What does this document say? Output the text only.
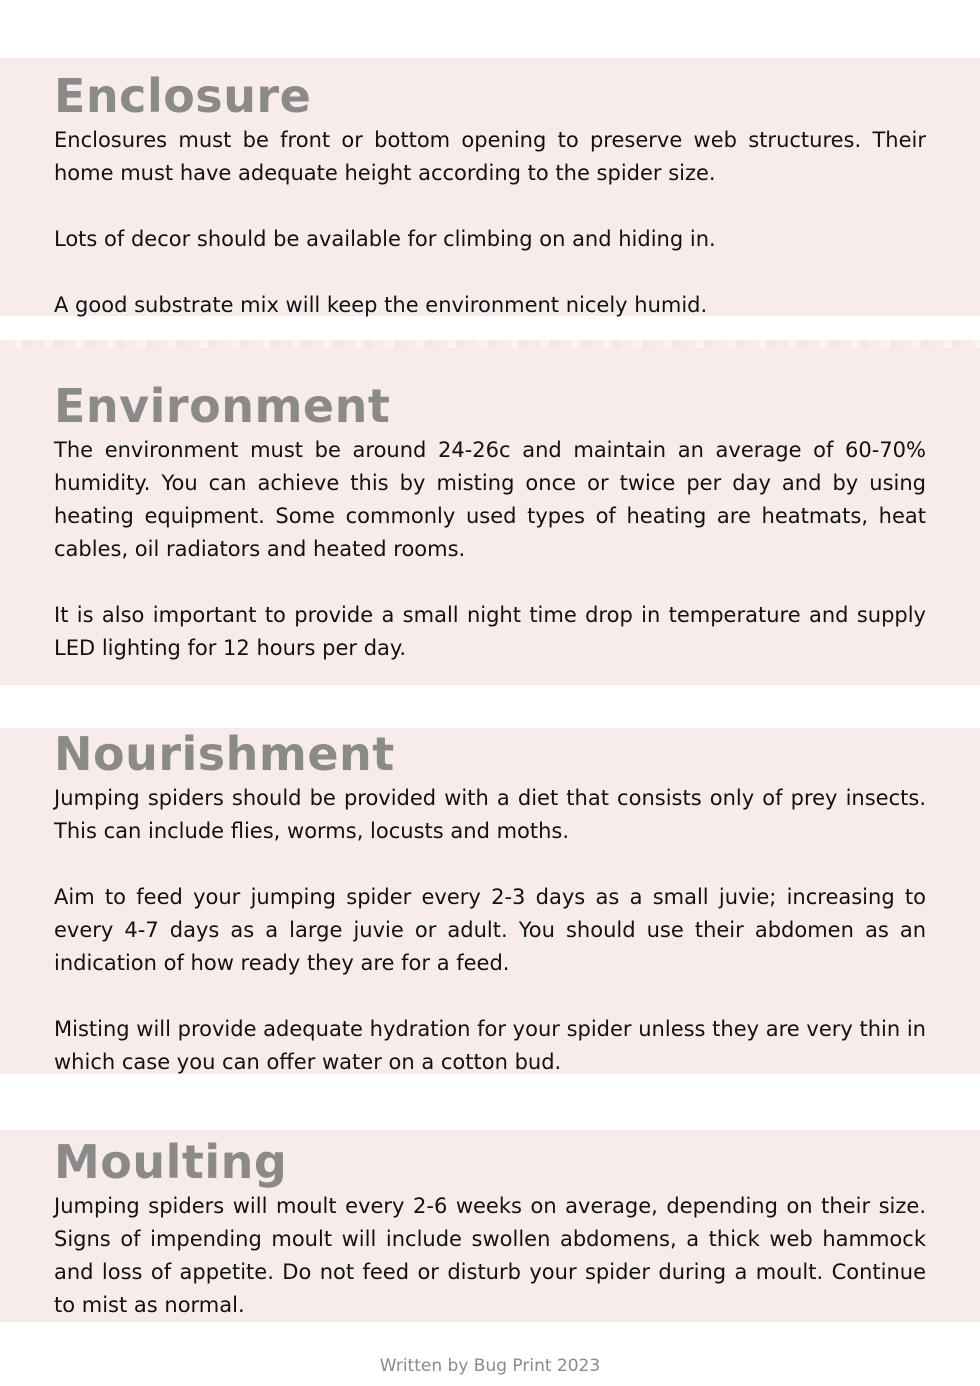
Enclosure

Enclosures must be front or bottom opening to preserve web structures. Their home must have adequate height according to the spider size.

Lots of decor should be available for climbing on and hiding in.

A good substrate mix will keep the environment nicely humid.

Environment

The environment must be around 24-26c and maintain an average of 60-70% humidity. You can achieve this by misting once or twice per day and by using heating equipment. Some commonly used types of heating are heatmats, heat cables, oil radiators and heated rooms.

It is also important to provide a small night time drop in temperature and supply LED lighting for 12 hours per day.

Nourishment

Jumping spiders should be provided with a diet that consists only of prey insects. This can include flies, worms, locusts and moths.

Aim to feed your jumping spider every 2-3 days as a small juvie; increasing to every 4-7 days as a large juvie or adult. You should use their abdomen as an indication of how ready they are for a feed.

Misting will provide adequate hydration for your spider unless they are very thin in which case you can offer water on a cotton bud.

Moulting

Jumping spiders will moult every 2-6 weeks on average, depending on their size. Signs of impending moult will include swollen abdomens, a thick web hammock and loss of appetite. Do not feed or disturb your spider during a moult. Continue to mist as normal.

Written by Bug Print 2023
